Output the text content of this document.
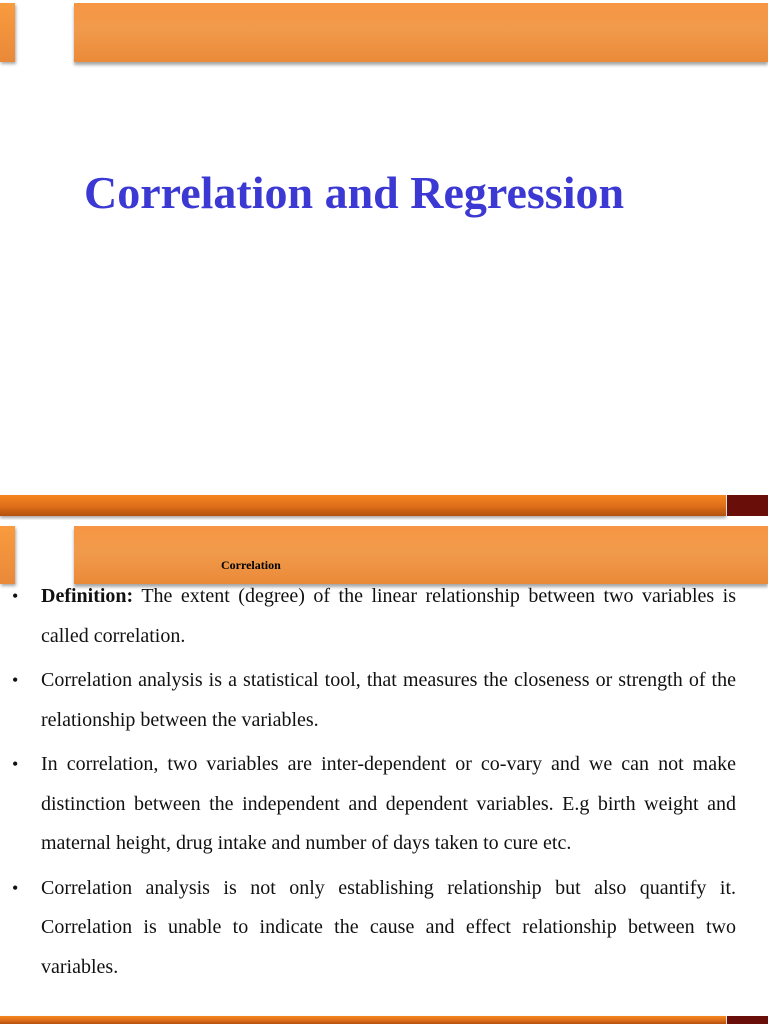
Correlation and Regression
Correlation
• Definition: The extent (degree) of the linear relationship between two variables is called correlation.
• Correlation analysis is a statistical tool, that measures the closeness or strength of the relationship between the variables.
• In correlation, two variables are inter-dependent or co-vary and we can not make distinction between the independent and dependent variables. E.g birth weight and maternal height, drug intake and number of days taken to cure etc.
• Correlation analysis is not only establishing relationship but also quantify it. Correlation is unable to indicate the cause and effect relationship between two variables.
